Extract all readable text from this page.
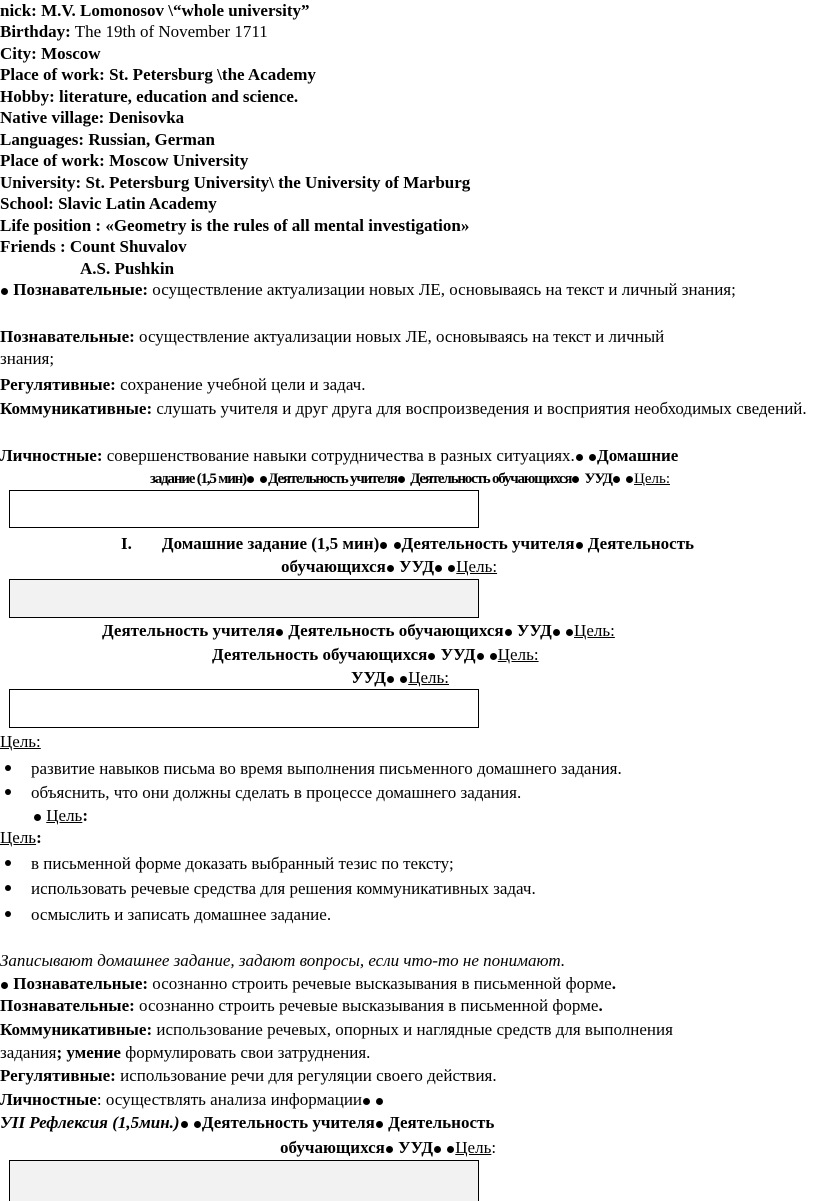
nick: M.V. Lomonosov \“whole university”
Birthday: The 19th of November 1711
City: Moscow
Place of work: St. Petersburg \the Academy
Hobby: literature, education and science.
Native village: Denisovka
Languages: Russian, German
Place of work: Moscow University
University: St. Petersburg University\ the University of Marburg
School: Slavic Latin Academy
Life position : «Geometry is the rules of all mental investigation»
Friends : Count Shuvalov
A.S. Pushkin
Познавательные: осуществление актуализации новых ЛЕ, основываясь на текст и личный знания;
Познавательные: осуществление актуализации новых ЛЕ, основываясь на текст и личный
знания;
Регулятивные: сохранение учебной цели и задач.
Коммуникативные: слушать учителя и друг друга для воспроизведения и восприятия необходимых сведений.
Личностные: совершенствование навыки сотрудничества в разных ситуациях. Домашние
задание (1,5 мин) Деятельность учителя Деятельность обучающихся УУД Цель:
I. Домашние задание (1,5 мин) Деятельность учителя Деятельность
обучающихся УУД Цель:
Деятельность учителя Деятельность обучающихся УУД Цель:
Деятельность обучающихся УУД Цель:
УУД Цель:
Цель:
развитие навыков письма во время выполнения письменного домашнего задания.
объяснить, что они должны сделать в процессе домашнего задания.
Цель:
Цель:
в письменной форме доказать выбранный тезис по тексту;
использовать речевые средства для решения коммуникативных задач.
осмыслить и записать домашнее задание.
Записывают домашнее задание, задают вопросы, если что-то не понимают.
Познавательные: осознанно строить речевые высказывания в письменной форме.
Познавательные: осознанно строить речевые высказывания в письменной форме.
Коммуникативные: использование речевых, опорных и наглядные средств для выполнения
задания; умение формулировать свои затруднения.
Регулятивные: использование речи для регуляции своего действия.
Личностные: осуществлять анализа информации
УII Рефлексия (1,5мин.) Деятельность учителя Деятельность
обучающихся УУД Цель:
